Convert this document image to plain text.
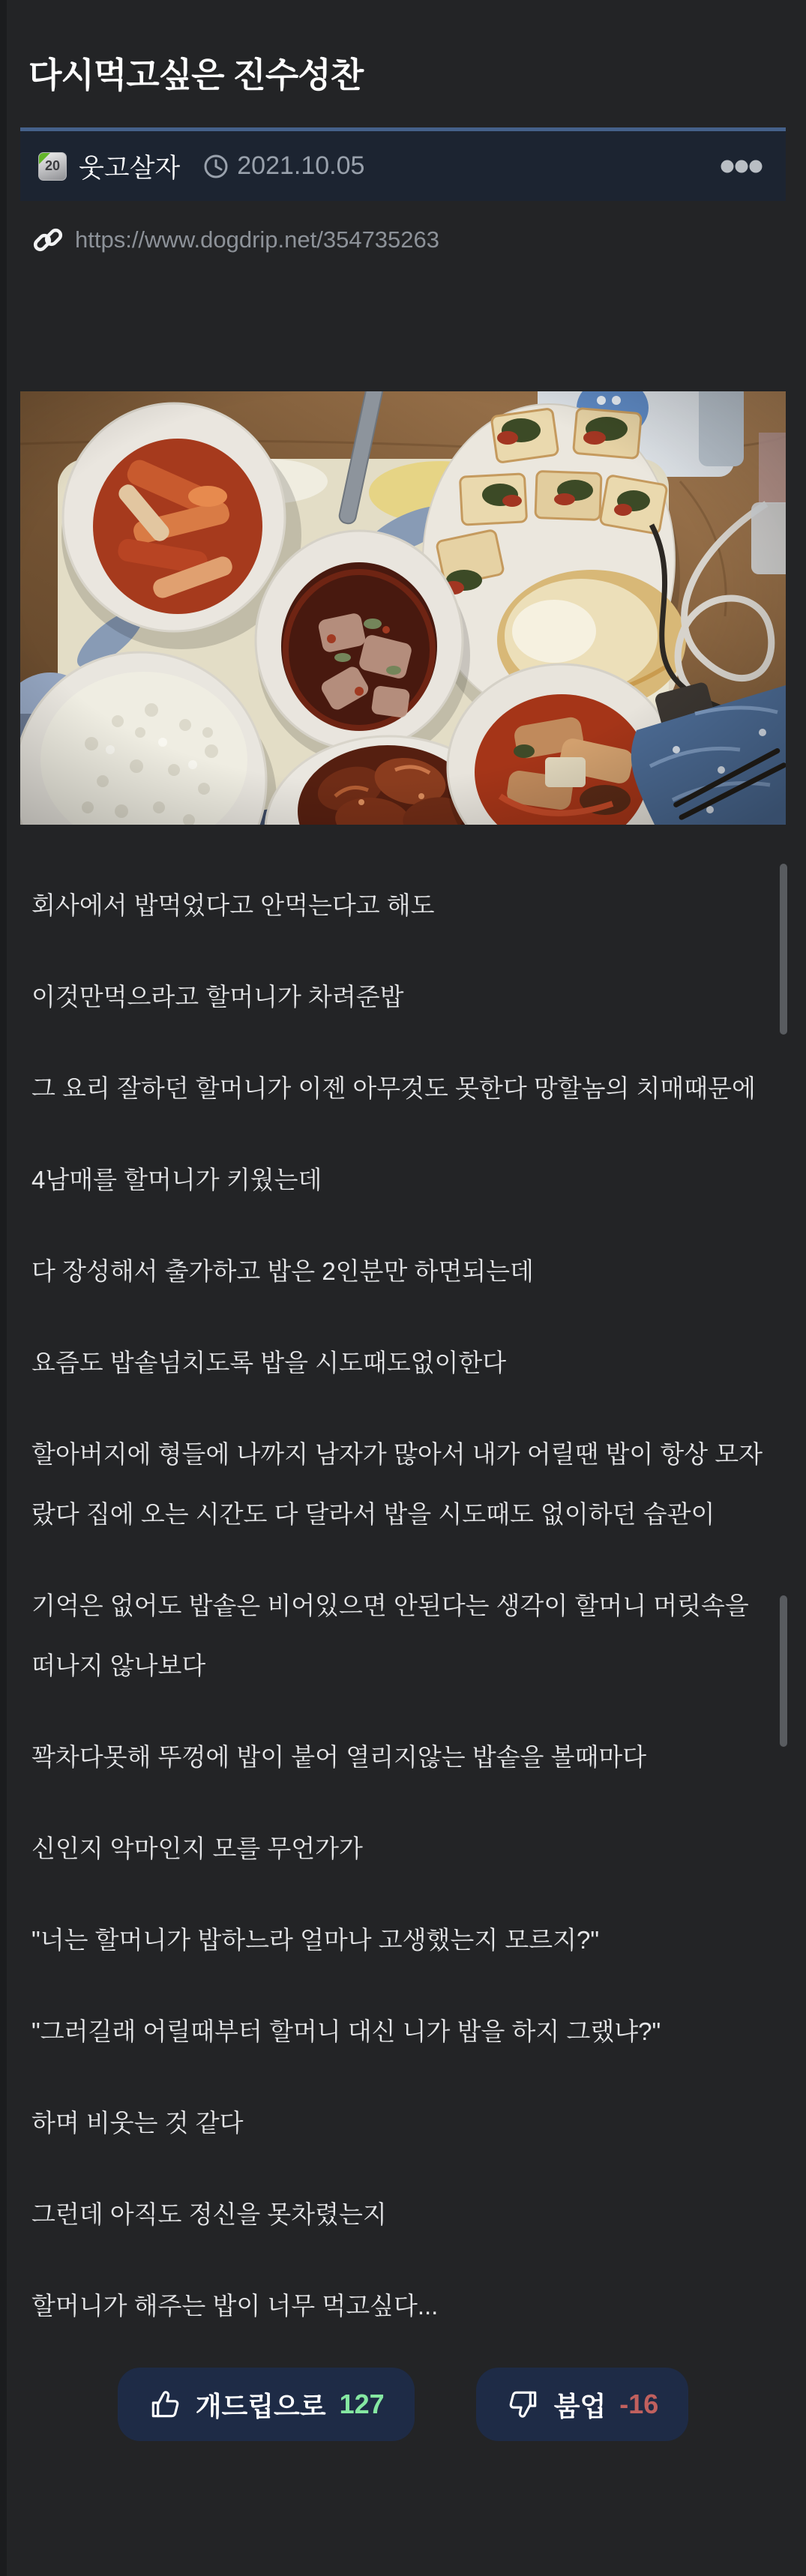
다시먹고싶은 진수성찬
20 웃고살자 2021.10.05
https://www.dogdrip.net/354735263

회사에서 밥먹었다고 안먹는다고 해도

이것만먹으라고 할머니가 차려준밥

그 요리 잘하던 할머니가 이젠 아무것도 못한다 망할놈의 치매때문에

4남매를 할머니가 키웠는데

다 장성해서 출가하고 밥은 2인분만 하면되는데

요즘도 밥솥넘치도록 밥을 시도때도없이한다

할아버지에 형들에 나까지 남자가 많아서 내가 어릴땐 밥이 항상 모자랐다 집에 오는 시간도 다 달라서 밥을 시도때도 없이하던 습관이

기억은 없어도 밥솥은 비어있으면 안된다는 생각이 할머니 머릿속을 떠나지 않나보다

꽉차다못해 뚜껑에 밥이 붙어 열리지않는 밥솥을 볼때마다

신인지 악마인지 모를 무언가가

"너는 할머니가 밥하느라 얼마나 고생했는지 모르지?"

"그러길래 어릴때부터 할머니 대신 니가 밥을 하지 그랬냐?"

하며 비웃는 것 같다

그런데 아직도 정신을 못차렸는지

할머니가 해주는 밥이 너무 먹고싶다...

개드립으로 127	붐업 -16
